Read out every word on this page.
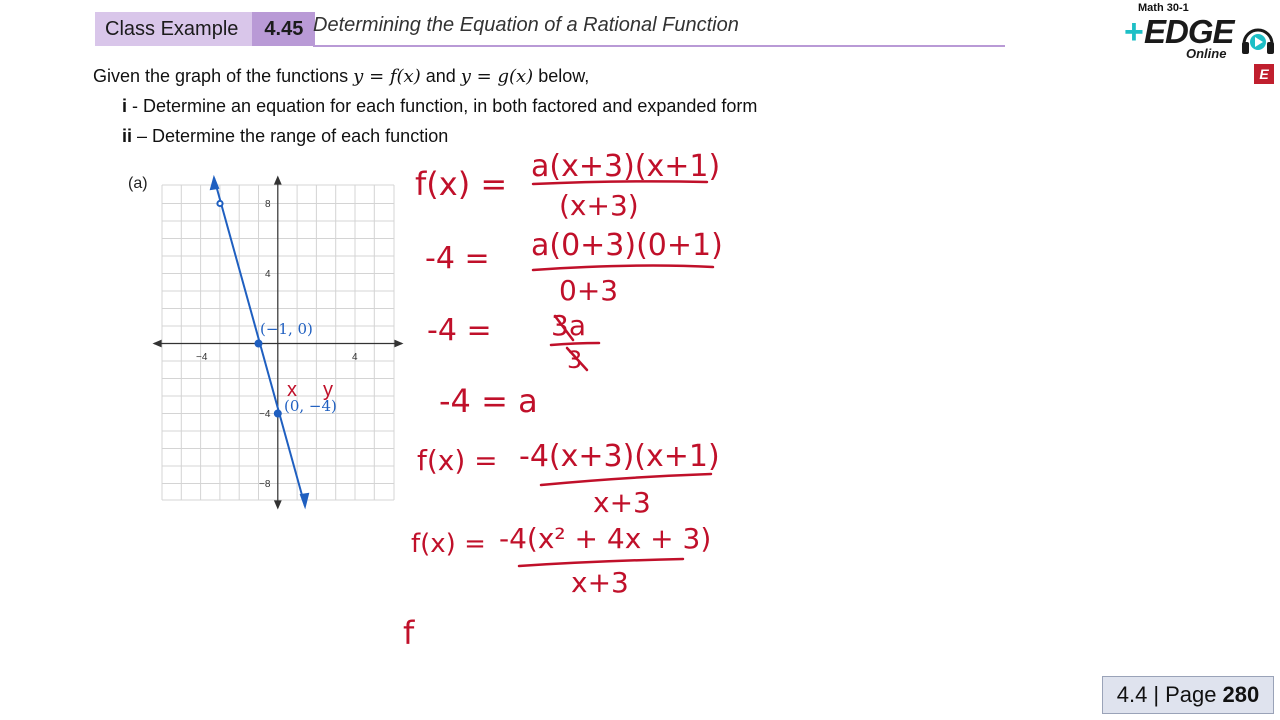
Class Example	4.45 Determining the Equation of a Rational Function
Math 30-1
+ EDGE
Online
E
Given the graph of the functions y = f(x) and y = g(x) below,
i - Determine an equation for each function, in both factored and expanded form
ii – Determine the range of each function
(a)
−4	4
8
4
−4
−8
(−1, 0)
(0, −4)
x y
f(x) = a(x+3)(x+1)
(x+3)
-4 = a(0+3)(0+1)
0+3
-4 = 3a
3
-4 = a
f(x) = -4(x+3)(x+1)
x+3
f(x) = -4(x² + 4x + 3)
x+3
f
4.4 | Page 280
